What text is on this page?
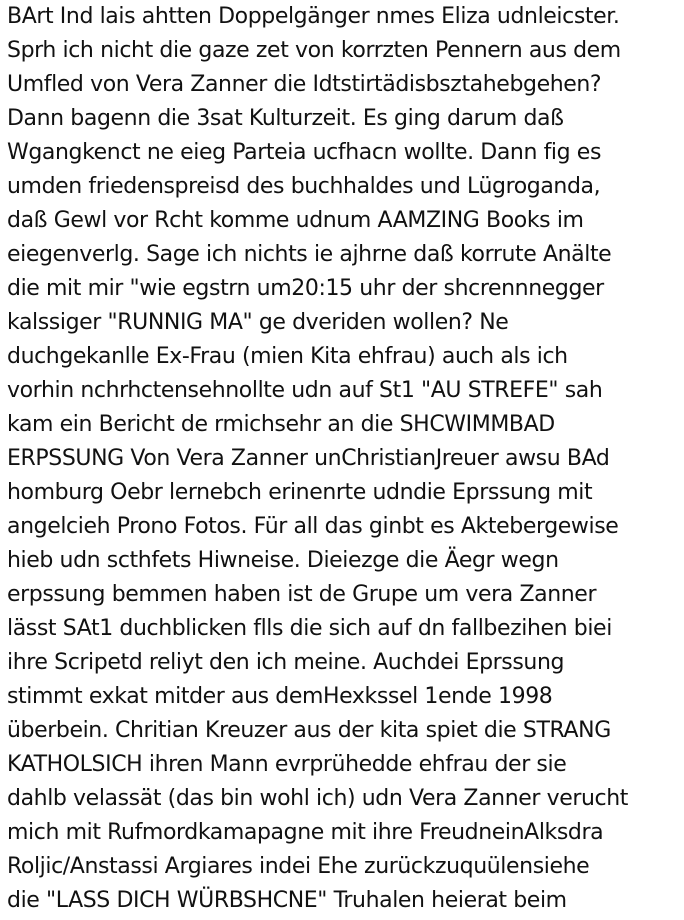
BArt Ind lais ahtten Doppelgänger nmes Eliza udnleicster.
Sprh ich nicht die gaze zet von korrzten Pennern aus dem
Umfled von Vera Zanner die Idtstirtädisbsztahebgehen?
Dann bagenn die 3sat Kulturzeit. Es ging darum daß
Wgangkenct ne eieg Parteia ucfhacn wollte. Dann fig es
umden friedenspreisd des buchhaldes und Lügroganda,
daß Gewl vor Rcht komme udnum AAMZING Books im
eiegenverlg. Sage ich nichts ie ajhrne daß korrute Anälte
die mit mir "wie egstrn um20:15 uhr der shcrennnegger
kalssiger "RUNNIG MA" ge dveriden wollen? Ne
duchgekanlle Ex-Frau (mien Kita ehfrau) auch als ich
vorhin nchrhctensehnollte udn auf St1 "AU STREFE" sah
kam ein Bericht de rmichsehr an die SHCWIMMBAD
ERPSSUNG Von Vera Zanner unChristianJreuer awsu BAd
homburg Oebr lernebch erinenrte udndie Eprssung mit
angelcieh Prono Fotos. Für all das ginbt es Aktebergewise
hieb udn scthfets Hiwneise. Dieiezge die Äegr wegn
erpssung bemmen haben ist de Grupe um vera Zanner
lässt SAt1 duchblicken flls die sich auf dn fallbezihen biei
ihre Scripetd reliyt den ich meine. Auchdei Eprssung
stimmt exkat mitder aus demHexkssel 1ende 1998
überbein. Chritian Kreuzer aus der kita spiet die STRANG
KATHOLSICH ihren Mann evrprühedde ehfrau der sie
dahlb velassät (das bin wohl ich) udn Vera Zanner verucht
mich mit Rufmordkamapagne mit ihre FreudneinAlksdra
Roljic/Anstassi Argiares indei Ehe zurückzuquülensiehe
die "LASS DICH WÜRBSHCNE" Truhalen heierat beim
